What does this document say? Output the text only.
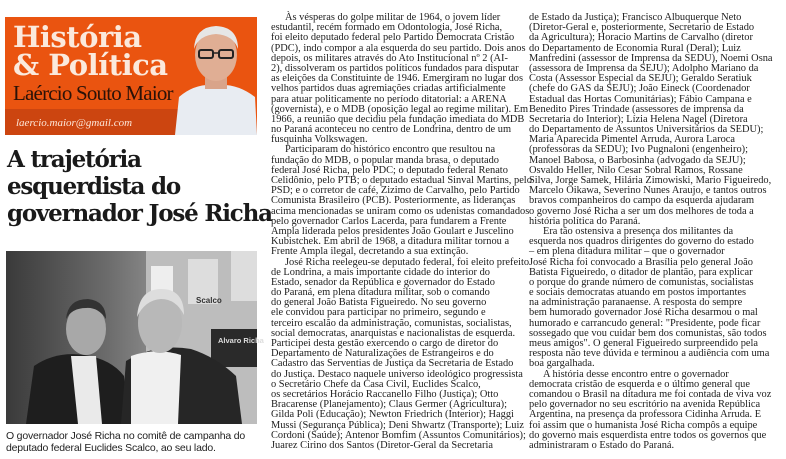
História
& Política
Laércio Souto Maior
laercio.maior@gmail.com
A trajetória
esquerdista do
governador José Richa
Scalco
Alvaro Richa
O governador José Richa no comitê de campanha do deputado federal Euclides Scalco, ao seu lado.
Às vésperas do golpe militar de 1964, o jovem líder
estudantil, recém formado em Odontologia, José Richa,
foi eleito deputado federal pelo Partido Democrata Cristão
(PDC), indo compor a ala esquerda do seu partido. Dois anos
depois, os militares através do Ato Institucional nº 2 (AI-
2), dissolveram os partidos políticos fundados para disputar
as eleições da Constituinte de 1946. Emergiram no lugar dos
velhos partidos duas agremiações criadas artificialmente
para atuar politicamente no período ditatorial: a ARENA
(governista), e o MDB (oposição legal ao regime militar). Em
1966, a reunião que decidiu pela fundação imediata do MDB
no Paraná aconteceu no centro de Londrina, dentro de um
fusquinha Volkswagen.
Participaram do histórico encontro que resultou na
fundação do MDB, o popular manda brasa, o deputado
federal José Richa, pelo PDC; o deputado federal Renato
Celidônio, pelo PTB; o deputado estadual Sinval Martins, pelo
PSD; e o corretor de café, Zizimo de Carvalho, pelo Partido
Comunista Brasileiro (PCB). Posteriormente, as lideranças
acima mencionadas se uniram como os udenistas comandados
pelo governador Carlos Lacerda, para fundarem a Frente
Ampla liderada pelos presidentes João Goulart e Juscelino
Kubistchek. Em abril de 1968, a ditadura militar tornou a
Frente Ampla ilegal, decretando a sua extinção.
José Richa reelegeu-se deputado federal, foi eleito prefeito
de Londrina, a mais importante cidade do interior do
Estado, senador da República e governador do Estado
do Paraná, em plena ditadura militar, sob o comando
do general João Batista Figueiredo. No seu governo
ele convidou para participar no primeiro, segundo e
terceiro escalão da administração, comunistas, socialistas,
social democratas, anarquistas e nacionalistas de esquerda.
Participei desta gestão exercendo o cargo de diretor do
Departamento de Naturalizações de Estrangeiros e do
Cadastro das Serventias de Justiça da Secretaria de Estado
do Justiça. Destaco naquele universo ideológico progressista
o Secretário Chefe da Casa Civil, Euclides Scalco,
os secretários Horácio Raccanello Filho (Justiça); Otto
Bracarense (Planejamento); Claus Germer (Agricultura);
Gilda Poli (Educação); Newton Friedrich (Interior); Haggi
Mussi (Segurança Pública); Deni Shwartz (Transporte); Luiz
Cordoni (Saúde); Antenor Bomfim (Assuntos Comunitários);
Juarez Cirino dos Santos (Diretor-Geral da Secretaria
de Estado da Justiça); Francisco Albuquerque Neto
(Diretor-Geral e, posteriormente, Secretario de Estado
da Agricultura); Horacio Martins de Carvalho (diretor
do Departamento de Economia Rural (Deral); Luiz
Manfredini (assessor de Imprensa da SEDU), Noemi Osna
(assessora de Imprensa da SEJU); Adolpho Mariano da
Costa (Assessor Especial da SEJU); Geraldo Seratiuk
(chefe do GAS da SEJU); João Eineck (Coordenador
Estadual das Hortas Comunitárias); Fábio Campana e
Benedito Pires Trindade (assessores de imprensa da
Secretaria do Interior); Lízia Helena Nagel (Diretora
do Departamento de Assuntos Universitários da SEDU);
Maria Aparecida Pimentel Arruda, Aurora Laroca
(professoras da SEDU); Ivo Pugnaloni (engenheiro);
Manoel Babosa, o Barbosinha (advogado da SEJU);
Osvaldo Heller, Nilo Cesar Sobral Ramos, Rossane
Silva, Jorge Samek, Hilária Zimowiski, Mario Figueiredo,
Marcelo Oikawa, Severino Nunes Araujo, e tantos outros
bravos companheiros do campo da esquerda ajudaram
o governo José Richa a ser um dos melhores de toda a
história política do Paraná.
Era tão ostensiva a presença dos militantes da
esquerda nos quadros dirigentes do governo do estado
– em plena ditadura militar – que o governador
José Richa foi convocado a Brasília pelo general João
Batista Figueiredo, o ditador de plantão, para explicar
o porque do grande número de comunistas, socialistas
e sociais democratas atuando em postos importantes
na administração paranaense. A resposta do sempre
bem humorado governador José Richa desarmou o mal
humorado e carrancudo general: "Presidente, pode ficar
sossegado que vou cuidar bem dos comunistas, são todos
meus amigos". O general Figueiredo surpreendido pela
resposta não teve dúvida e terminou a audiência com uma
boa gargalhada.
A história desse encontro entre o governador
democrata cristão de esquerda e o último general que
comandou o Brasil na ditadura me foi contada de viva voz
pelo governador no seu escritório na avenida República
Argentina, na presença da professora Cidinha Arruda. E
foi assim que o humanista José Richa compôs a equipe
do governo mais esquerdista entre todos os governos que
administraram o Estado do Paraná.
